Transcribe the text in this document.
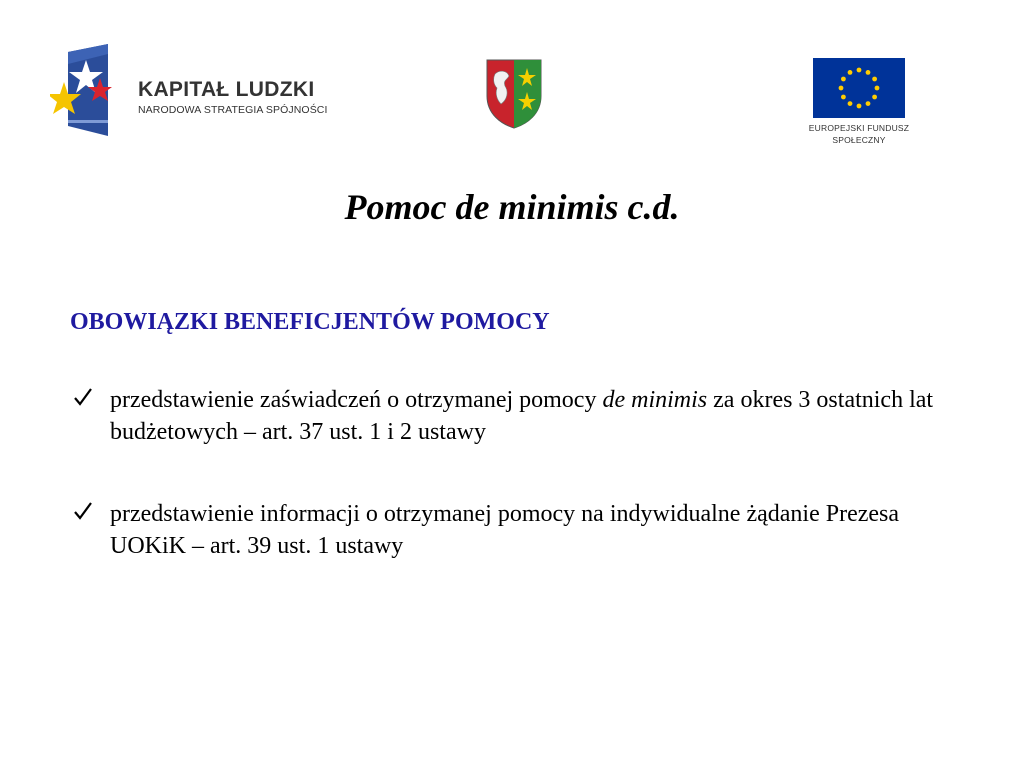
KAPITAŁ LUDZKI
NARODOWA STRATEGIA SPÓJNOŚCI
EUROPEJSKI FUNDUSZ
SPOŁECZNY
Pomoc de minimis c.d.
OBOWIĄZKI BENEFICJENTÓW POMOCY
przedstawienie zaświadczeń o otrzymanej pomocy de minimis za okres 3 ostatnich lat budżetowych – art. 37 ust. 1 i 2 ustawy
przedstawienie informacji o otrzymanej pomocy na indywidualne żądanie Prezesa UOKiK – art. 39 ust. 1 ustawy
